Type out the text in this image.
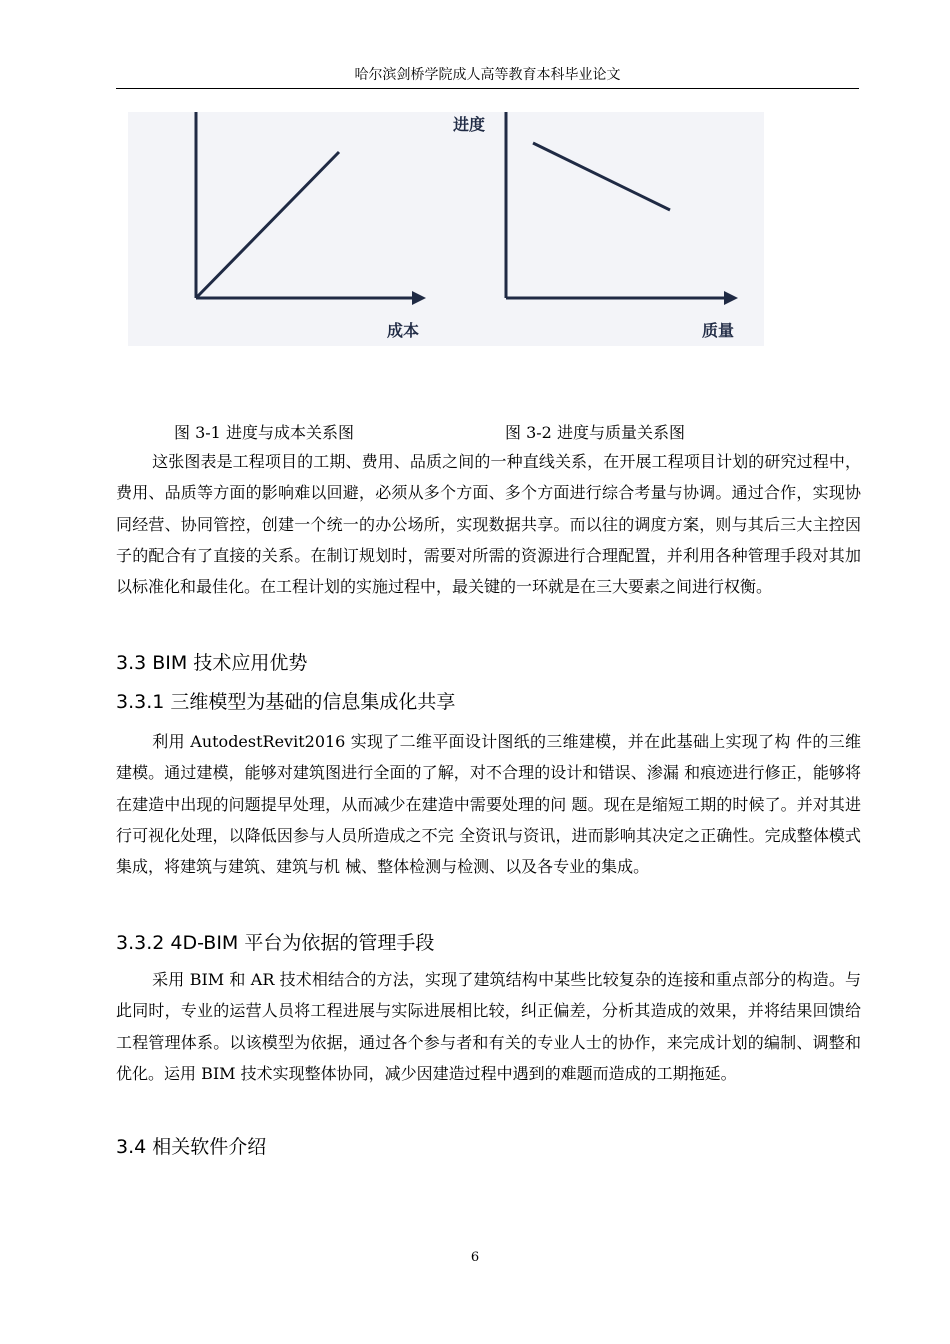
哈尔滨剑桥学院成人高等教育本科毕业论文
成本
进度
质量
图 3-1 进度与成本关系图	图 3-2 进度与质量关系图
这张图表是工程项目的工期、费用、品质之间的一种直线关系，在开展工程项目计划的研究过程中，费用、品质等方面的影响难以回避，必须从多个方面、多个方面进行综合考量与协调。通过合作，实现协同经营、协同管控，创建一个统一的办公场所，实现数据共享。而以往的调度方案，则与其后三大主控因子的配合有了直接的关系。在制订规划时，需要对所需的资源进行合理配置，并利用各种管理手段对其加以标准化和最佳化。在工程计划的实施过程中，最关键的一环就是在三大要素之间进行权衡。
3.3 BIM 技术应用优势
3.3.1 三维模型为基础的信息集成化共享
利用 AutodestRevit2016 实现了二维平面设计图纸的三维建模，并在此基础上实现了构 件的三维建模。通过建模，能够对建筑图进行全面的了解，对不合理的设计和错误、渗漏 和痕迹进行修正，能够将在建造中出现的问题提早处理，从而减少在建造中需要处理的问 题。现在是缩短工期的时候了。并对其进行可视化处理，以降低因参与人员所造成之不完 全资讯与资讯，进而影响其决定之正确性。完成整体模式集成，将建筑与建筑、建筑与机 械、整体检测与检测、以及各专业的集成。
3.3.2 4D-BIM 平台为依据的管理手段
采用 BIM 和 AR 技术相结合的方法，实现了建筑结构中某些比较复杂的连接和重点部分的构造。与此同时，专业的运营人员将工程进展与实际进展相比较，纠正偏差，分析其造成的效果，并将结果回馈给工程管理体系。以该模型为依据，通过各个参与者和有关的专业人士的协作，来完成计划的编制、调整和优化。运用 BIM 技术实现整体协同，减少因建造过程中遇到的难题而造成的工期拖延。
3.4 相关软件介绍
6
